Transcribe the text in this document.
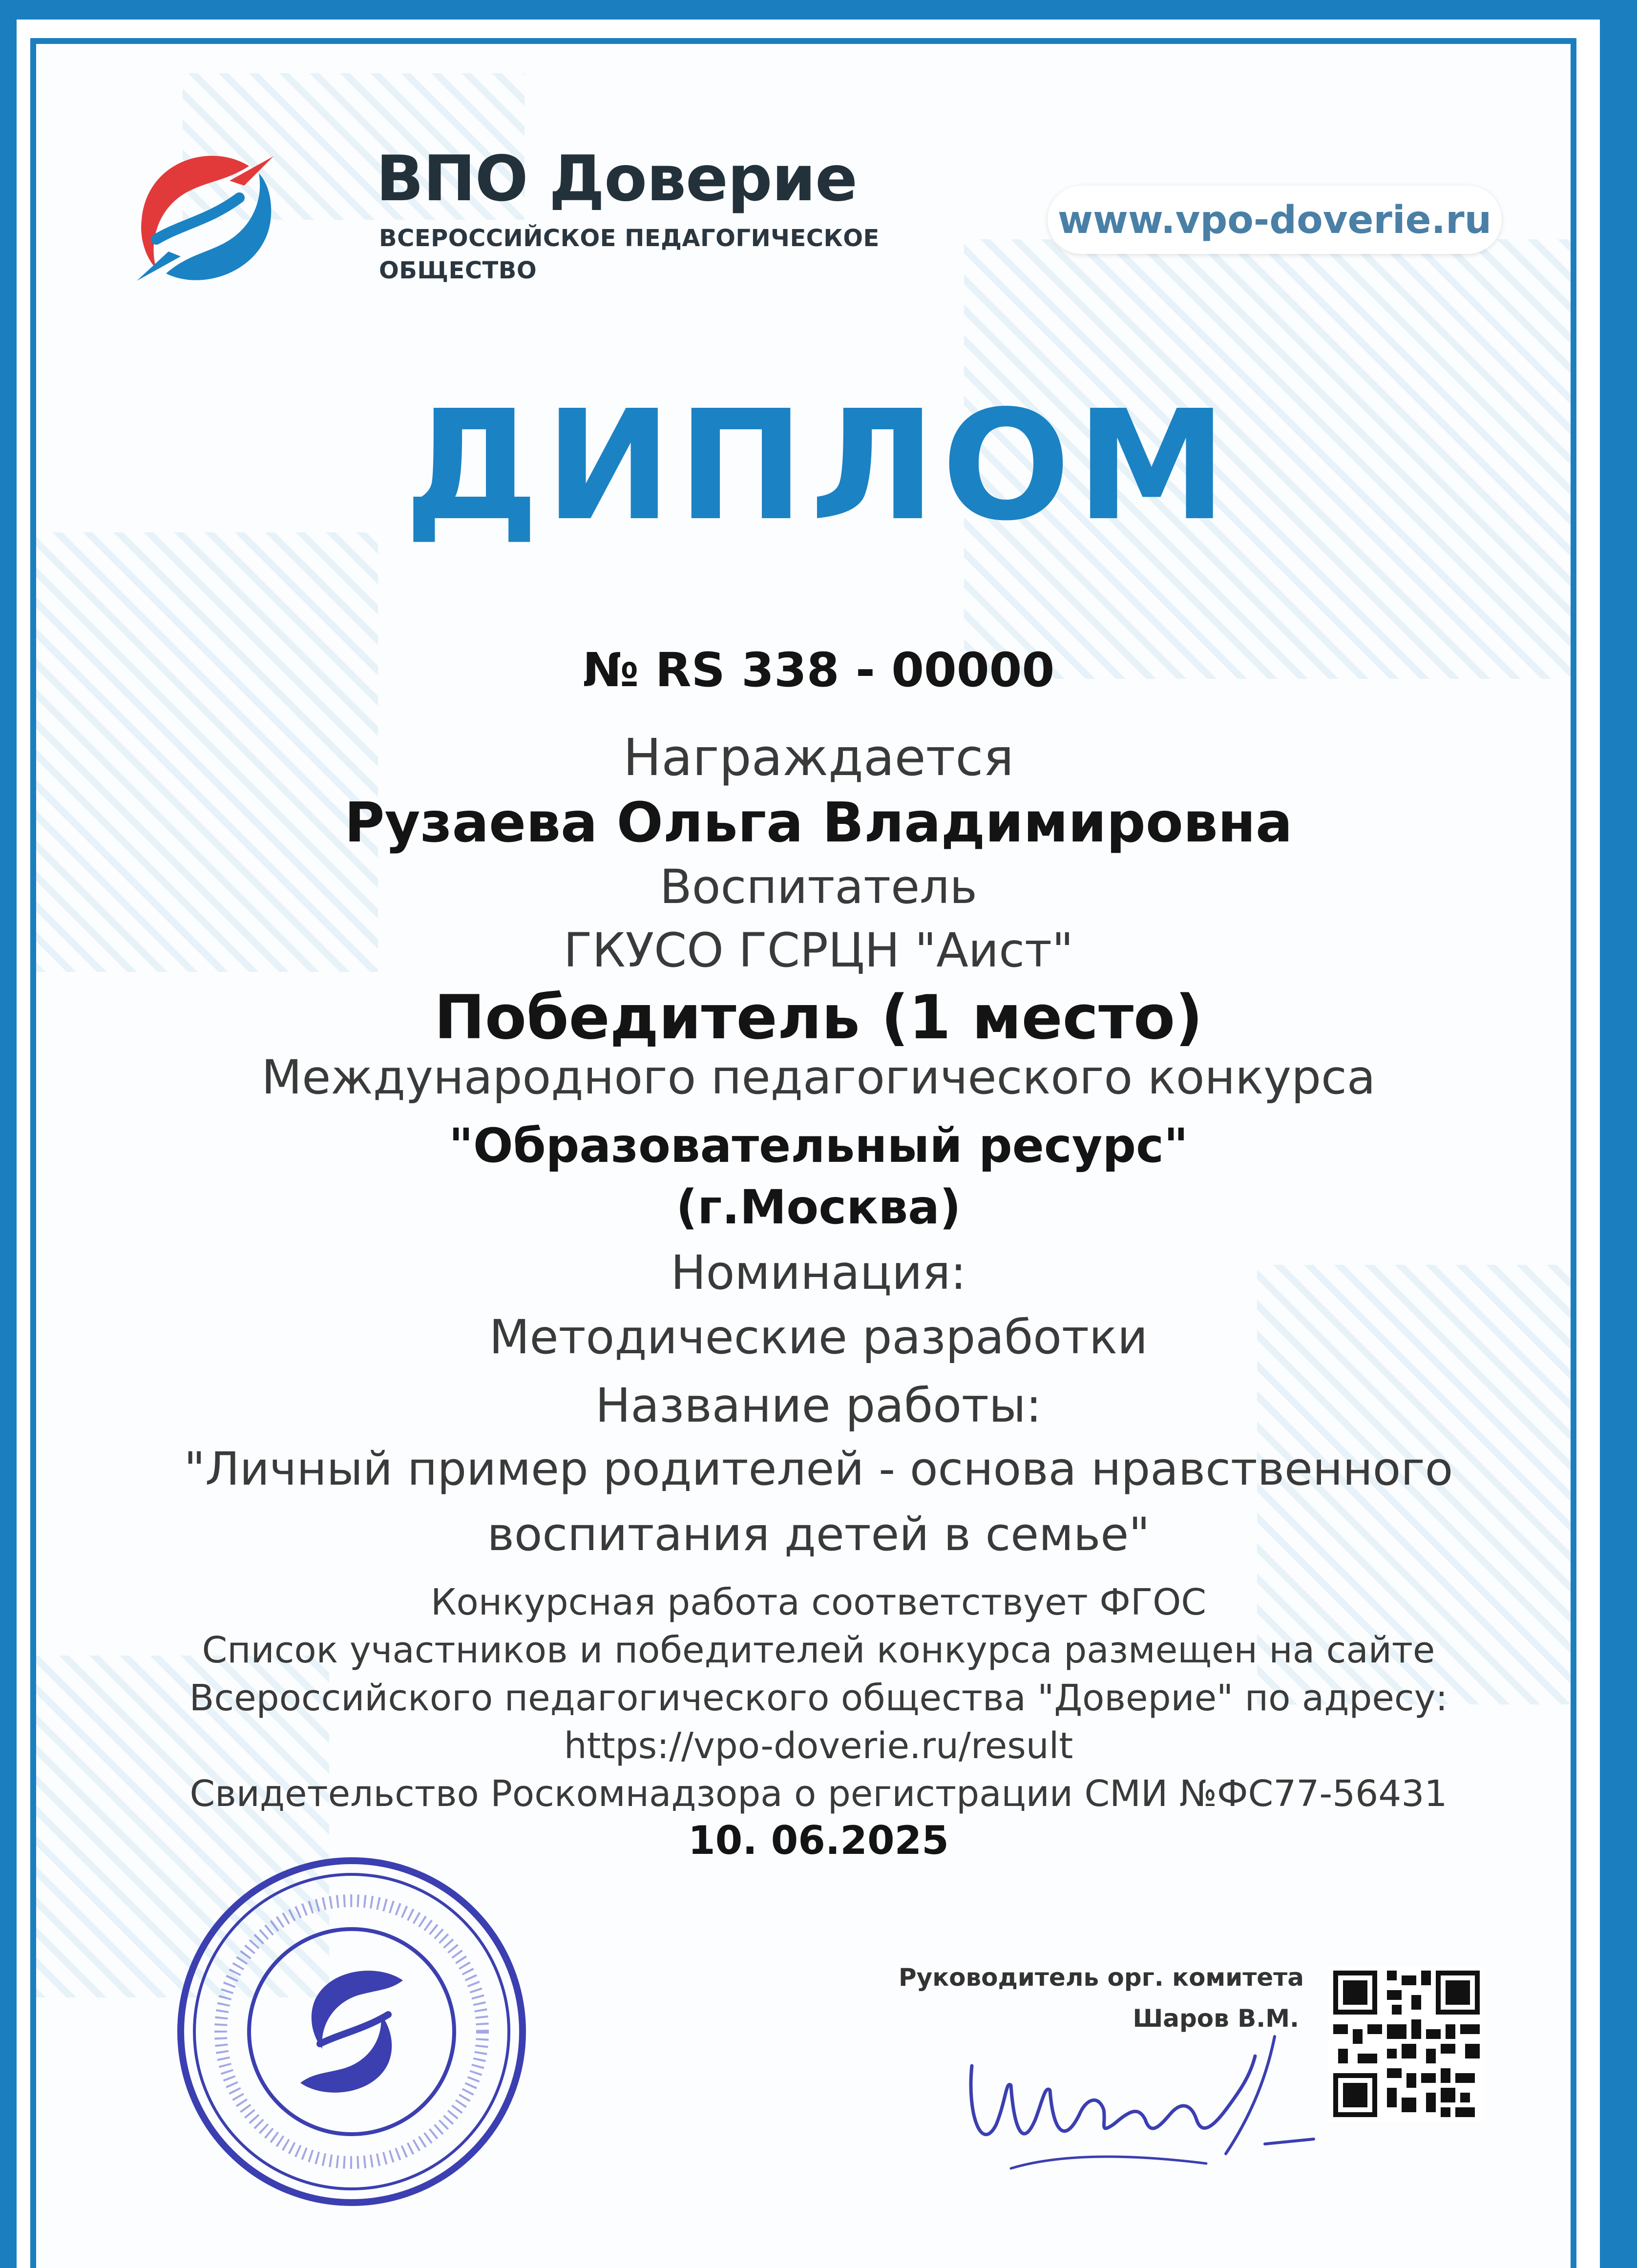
ВПО Доверие
ВСЕРОССИЙСКОЕ ПЕДАГОГИЧЕСКОЕ
ОБЩЕСТВО
www.vpo-doverie.ru
ДИПЛОМ
№ RS 338 - 00000
Награждается
Рузаева Ольга Владимировна
Воспитатель
ГКУСО ГСРЦН "Аист"
Победитель (1 место)
Международного педагогического конкурса
"Образовательный ресурс"
(г.Москва)
Номинация:
Методические разработки
Название работы:
"Личный пример родителей - основа нравственного
воспитания детей в семье"
Конкурсная работа соответствует ФГОС
Список участников и победителей конкурса размещен на сайте
Всероссийского педагогического общества "Доверие" по адресу:
https://vpo-doverie.ru/result
Свидетельство Роскомнадзора о регистрации СМИ №ФС77-56431
10. 06.2025
Руководитель орг. комитета
Шаров В.М.
